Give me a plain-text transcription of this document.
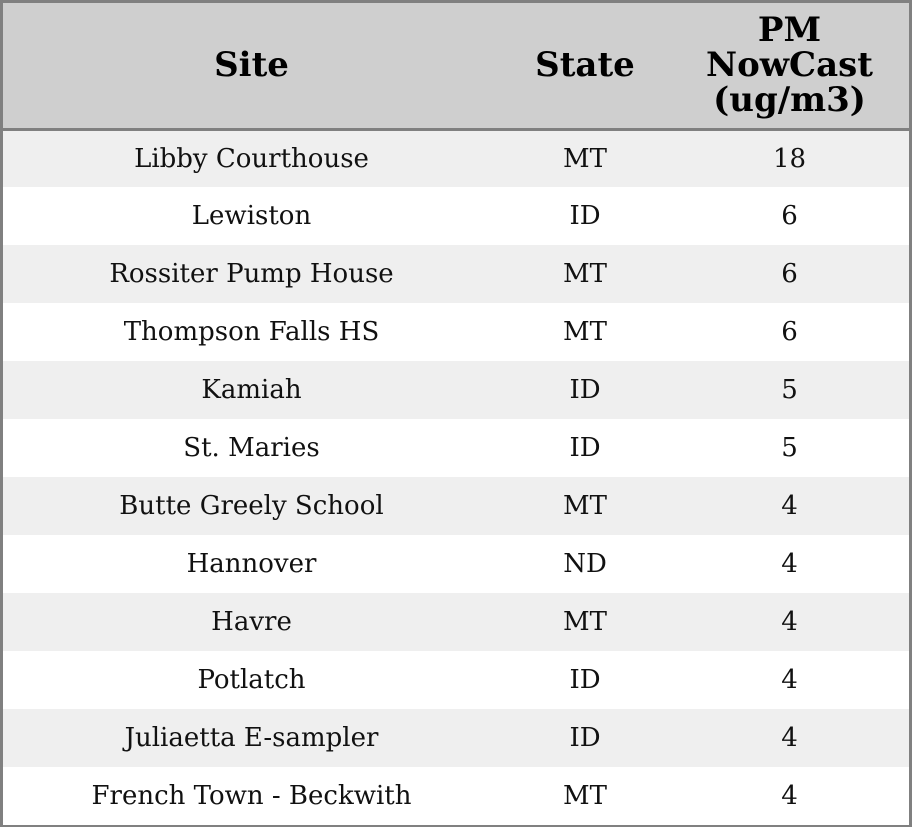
Site	State	PM
NowCast
(ug/m3)
Libby Courthouse	MT	18
Lewiston	ID	6
Rossiter Pump House	MT	6
Thompson Falls HS	MT	6
Kamiah	ID	5
St. Maries	ID	5
Butte Greely School	MT	4
Hannover	ND	4
Havre	MT	4
Potlatch	ID	4
Juliaetta E-sampler	ID	4
French Town - Beckwith	MT	4
